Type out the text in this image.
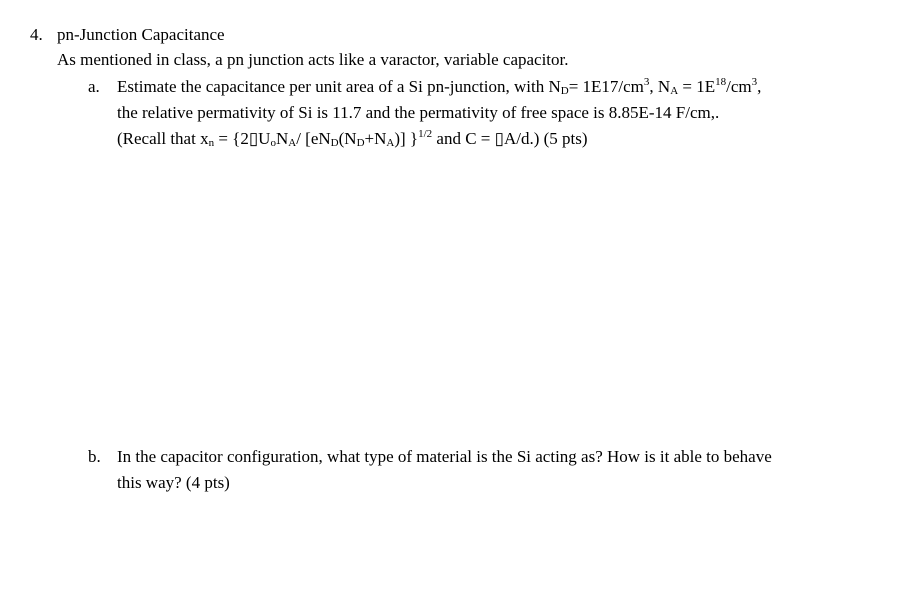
4. pn-Junction Capacitance
As mentioned in class, a pn junction acts like a varactor, variable capacitor.
a. Estimate the capacitance per unit area of a Si pn-junction, with $N_D= 1E17/cm^3$, $N_A = 1E^{18}/cm^3$,
the relative permativity of Si is 11.7 and the permativity of free space is 8.85E-14 F/cm,.
(Recall that $x_n$ = {$2▯U_oN_A/$ $[eN_D(N_D+N_A)]$ }$^{1/2}$ and C = ▯A/d.) (5 pts)
b. In the capacitor configuration, what type of material is the Si acting as? How is it able to behave
this way? (4 pts)
